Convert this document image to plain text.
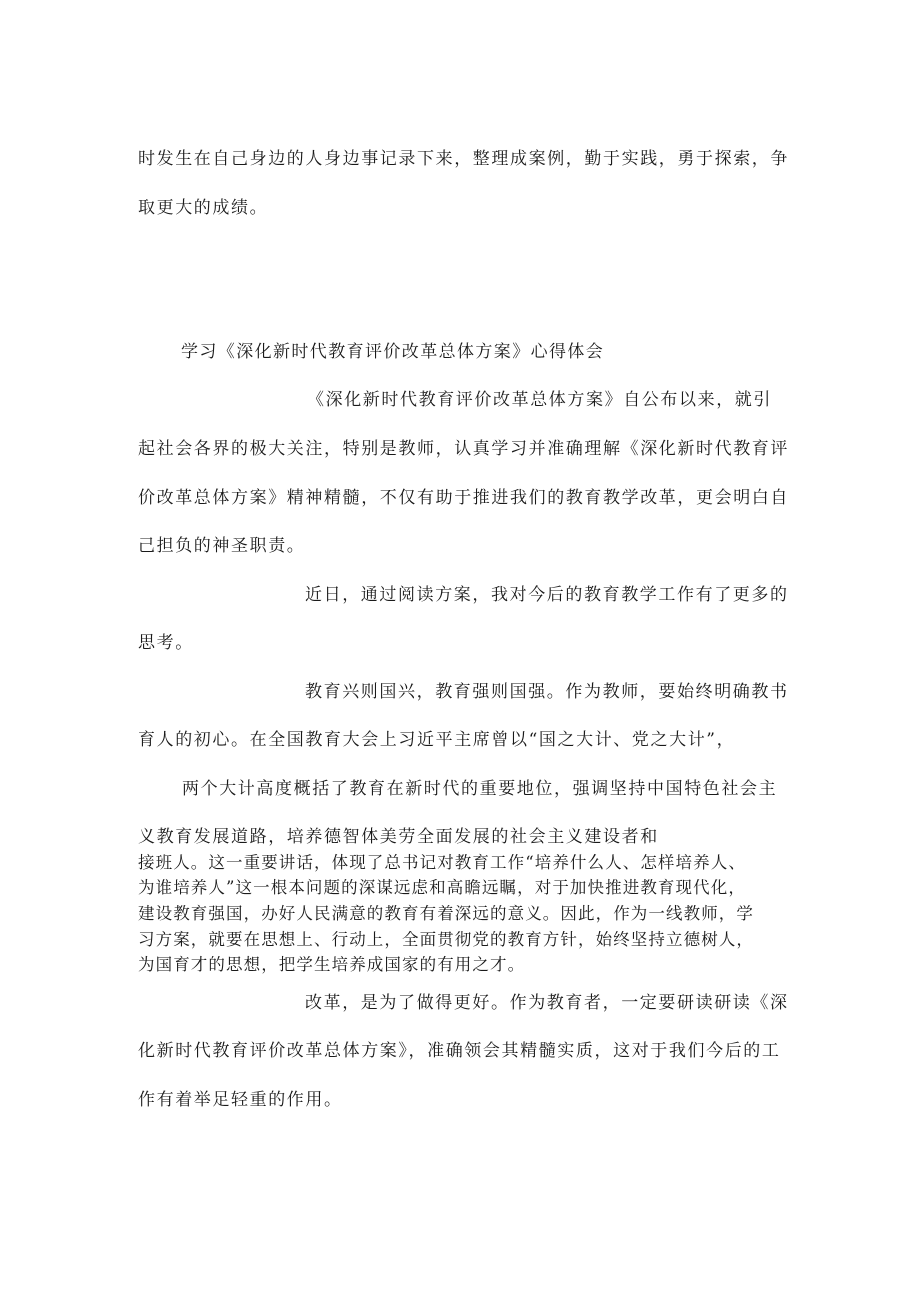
时发生在自己身边的人身边事记录下来，整理成案例，勤于实践，勇于探索，争
取更大的成绩。
学习《深化新时代教育评价改革总体方案》心得体会
《深化新时代教育评价改革总体方案》自公布以来，就引
起社会各界的极大关注，特别是教师，认真学习并准确理解《深化新时代教育评
价改革总体方案》精神精髓，不仅有助于推进我们的教育教学改革，更会明白自
己担负的神圣职责。
近日，通过阅读方案，我对今后的教育教学工作有了更多的
思考。
教育兴则国兴，教育强则国强。作为教师，要始终明确教书
育人的初心。在全国教育大会上习近平主席曾以“国之大计、党之大计”，
两个大计高度概括了教育在新时代的重要地位，强调坚持中国特色社会主
义教育发展道路，培养德智体美劳全面发展的社会主义建设者和
接班人。这一重要讲话，体现了总书记对教育工作“培养什么人、怎样培养人、
为谁培养人”这一根本问题的深谋远虑和高瞻远瞩，对于加快推进教育现代化，
建设教育强国，办好人民满意的教育有着深远的意义。因此，作为一线教师，学
习方案，就要在思想上、行动上，全面贯彻党的教育方针，始终坚持立德树人，
为国育才的思想，把学生培养成国家的有用之才。
改革，是为了做得更好。作为教育者，一定要研读研读《深
化新时代教育评价改革总体方案》，准确领会其精髓实质，这对于我们今后的工
作有着举足轻重的作用。
